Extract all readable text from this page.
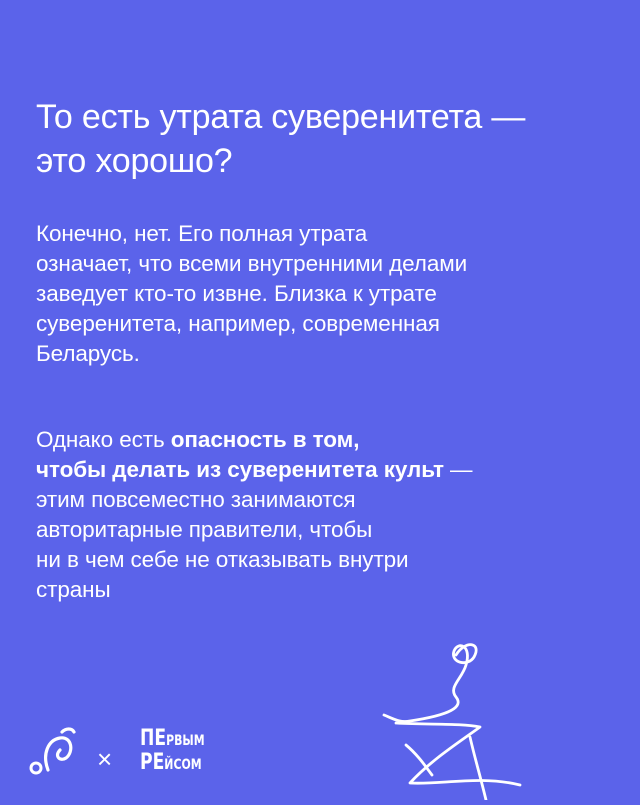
То есть утрата суверенитета —
это хорошо?

Конечно, нет. Его полная утрата
означает, что всеми внутренними делами
заведует кто-то извне. Близка к утрате
суверенитета, например, современная
Беларусь.

Однако есть опасность в том,
чтобы делать из суверенитета культ —
этим повсеместно занимаются
авторитарные правители, чтобы
ни в чем себе не отказывать внутри
страны

×
ПЕРВЫМ
РЕЙСОМ
